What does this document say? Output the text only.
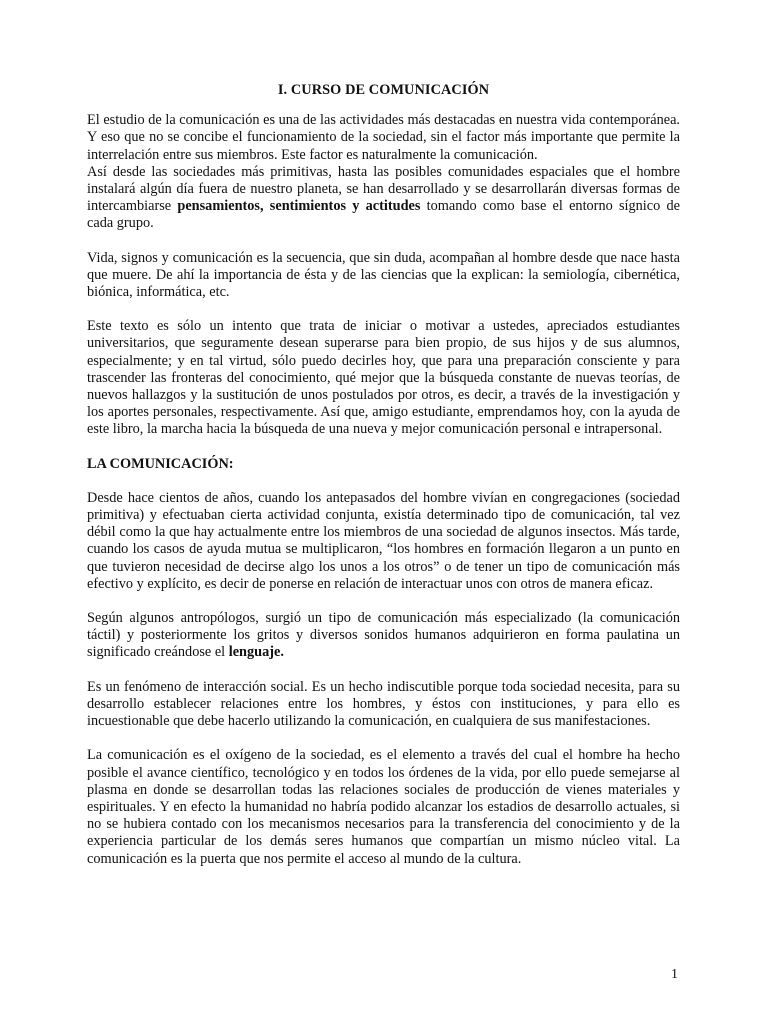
I. CURSO DE COMUNICACIÓN

El estudio de la comunicación es una de las actividades más destacadas en nuestra vida contemporánea. Y eso que no se concibe el funcionamiento de la sociedad, sin el factor más importante que permite la interrelación entre sus miembros. Este factor es naturalmente la comunicación.

Así desde las sociedades más primitivas, hasta las posibles comunidades espaciales que el hombre instalará algún día fuera de nuestro planeta, se han desarrollado y se desarrollarán diversas formas de intercambiarse pensamientos, sentimientos y actitudes tomando como base el entorno sígnico de cada grupo.

Vida, signos y comunicación es la secuencia, que sin duda, acompañan al hombre desde que nace hasta que muere. De ahí la importancia de ésta y de las ciencias que la explican: la semiología, cibernética, biónica, informática, etc.

Este texto es sólo un intento que trata de iniciar o motivar a ustedes, apreciados estudiantes universitarios, que seguramente desean superarse para bien propio, de sus hijos y de sus alumnos, especialmente; y en tal virtud, sólo puedo decirles hoy, que para una preparación consciente y para trascender las fronteras del conocimiento, qué mejor que la búsqueda constante de nuevas teorías, de nuevos hallazgos y la sustitución de unos postulados por otros, es decir, a través de la investigación y los aportes personales, respectivamente. Así que, amigo estudiante, emprendamos hoy, con la ayuda de este libro, la marcha hacia la búsqueda de una nueva y mejor comunicación personal e intrapersonal.

LA COMUNICACIÓN:

Desde hace cientos de años, cuando los antepasados del hombre vivían en congregaciones (sociedad primitiva) y efectuaban cierta actividad conjunta, existía determinado tipo de comunicación, tal vez débil como la que hay actualmente entre los miembros de una sociedad de algunos insectos. Más tarde, cuando los casos de ayuda mutua se multiplicaron, “los hombres en formación llegaron a un punto en que tuvieron necesidad de decirse algo los unos a los otros” o de tener un tipo de comunicación más efectivo y explícito, es decir de ponerse en relación de interactuar unos con otros de manera eficaz.

Según algunos antropólogos, surgió un tipo de comunicación más especializado (la comunicación táctil) y posteriormente los gritos y diversos sonidos humanos adquirieron en forma paulatina un significado creándose el lenguaje.

Es un fenómeno de interacción social. Es un hecho indiscutible porque toda sociedad necesita, para su desarrollo establecer relaciones entre los hombres, y éstos con instituciones, y para ello es incuestionable que debe hacerlo utilizando la comunicación, en cualquiera de sus manifestaciones.

La comunicación es el oxígeno de la sociedad, es el elemento a través del cual el hombre ha hecho posible el avance científico, tecnológico y en todos los órdenes de la vida, por ello puede semejarse al plasma en donde se desarrollan todas las relaciones sociales de producción de vienes materiales y espirituales. Y en efecto la humanidad no habría podido alcanzar los estadios de desarrollo actuales, si no se hubiera contado con los mecanismos necesarios para la transferencia del conocimiento y de la experiencia particular de los demás seres humanos que compartían un mismo núcleo vital. La comunicación es la puerta que nos permite el acceso al mundo de la cultura.

1
